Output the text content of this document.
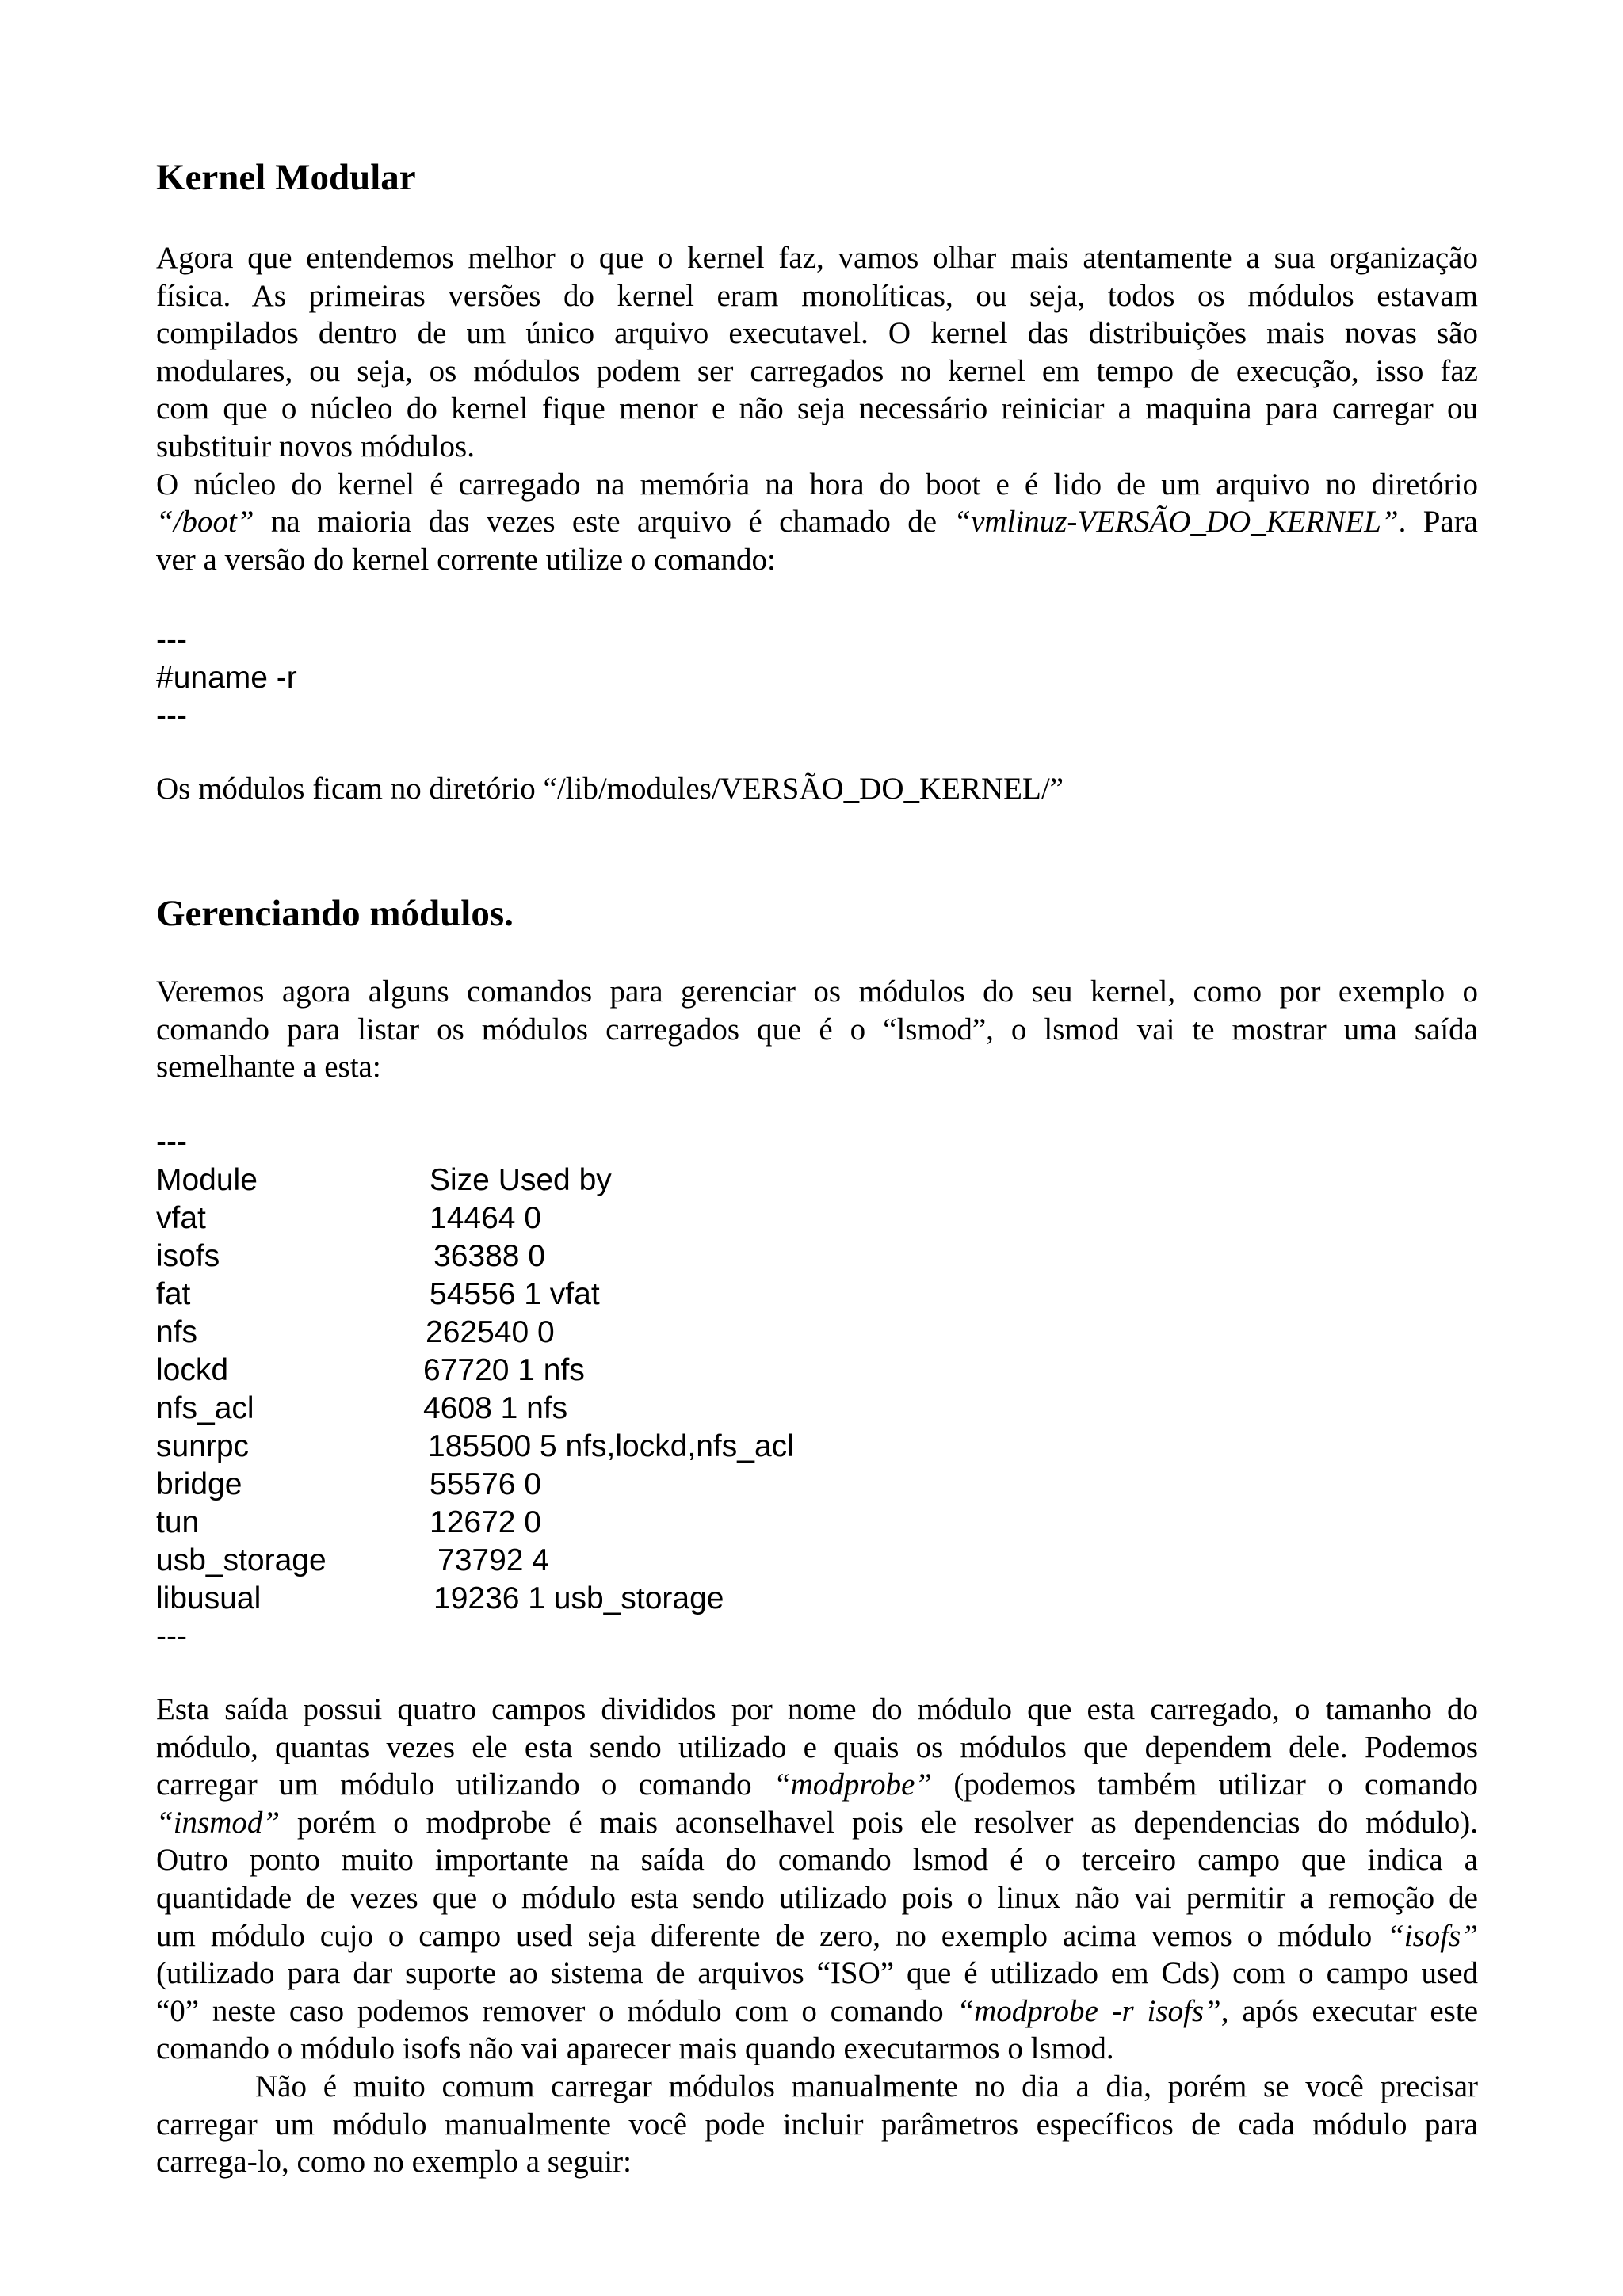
Kernel Modular
Agora que entendemos melhor o que o kernel faz, vamos olhar mais atentamente a sua organização
física. As primeiras versões do kernel eram monolíticas, ou seja, todos os módulos estavam
compilados dentro de um único arquivo executavel. O kernel das distribuições mais novas são
modulares, ou seja, os módulos podem ser carregados no kernel em tempo de execução, isso faz
com que o núcleo do kernel fique menor e não seja necessário reiniciar a maquina para carregar ou
substituir novos módulos.
O núcleo do kernel é carregado na memória na hora do boot e é lido de um arquivo no diretório
“/boot” na maioria das vezes este arquivo é chamado de “vmlinuz-VERSÃO_DO_KERNEL”. Para
ver a versão do kernel corrente utilize o comando:
---
#uname -r
---
Os módulos ficam no diretório “/lib/modules/VERSÃO_DO_KERNEL/”
Gerenciando módulos.
Veremos agora alguns comandos para gerenciar os módulos do seu kernel, como por exemplo o
comando para listar os módulos carregados que é o “lsmod”, o lsmod vai te mostrar uma saída
semelhante a esta:
---
Module	Size Used by
vfat	14464 0
isofs	36388 0
fat	54556 1 vfat
nfs	262540 0
lockd	67720 1 nfs
nfs_acl	4608 1 nfs
sunrpc	185500 5 nfs,lockd,nfs_acl
bridge	55576 0
tun	12672 0
usb_storage	73792 4
libusual	19236 1 usb_storage
---
Esta saída possui quatro campos divididos por nome do módulo que esta carregado, o tamanho do
módulo, quantas vezes ele esta sendo utilizado e quais os módulos que dependem dele. Podemos
carregar um módulo utilizando o comando “modprobe” (podemos também utilizar o comando
“insmod” porém o modprobe é mais aconselhavel pois ele resolver as dependencias do módulo).
Outro ponto muito importante na saída do comando lsmod é o terceiro campo que indica a
quantidade de vezes que o módulo esta sendo utilizado pois o linux não vai permitir a remoção de
um módulo cujo o campo used seja diferente de zero, no exemplo acima vemos o módulo “isofs”
(utilizado para dar suporte ao sistema de arquivos “ISO” que é utilizado em Cds) com o campo used
“0” neste caso podemos remover o módulo com o comando “modprobe -r isofs”, após executar este
comando o módulo isofs não vai aparecer mais quando executarmos o lsmod.
Não é muito comum carregar módulos manualmente no dia a dia, porém se você precisar
carregar um módulo manualmente você pode incluir parâmetros específicos de cada módulo para
carrega-lo, como no exemplo a seguir:
